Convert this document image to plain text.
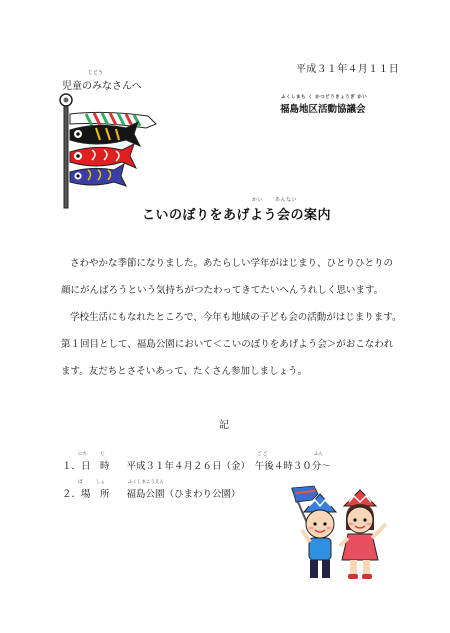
平成３１年４月１１日
じどう
児童のみなさんへ
ふくしまち く かつどうきょうぎ かい
福島地区活動協議会
かい あんない
こいのぼりをあげよう会の案内
さわやかな季節になりました。あたらしい学年がはじまり、ひとりひとりの
顔にがんばろうという気持ちがつたわってきてたいへんうれしく思います。
学校生活にもなれたところで、今年も地域の子ども会の活動がはじまります。
第１回目として、福島公園において＜こいのぼりをあげよう会＞がおこなわれ
ます。友だちとさそいあって、たくさん参加しましょう。
記
にち　　　じ	ご ご	ふん
１．日　時 平成３１年４月２６日（金）　午後４時３０分～
ば　　　しょ	ふくしまこうえん
２．場　所 福島公園（ひまわり公園）
